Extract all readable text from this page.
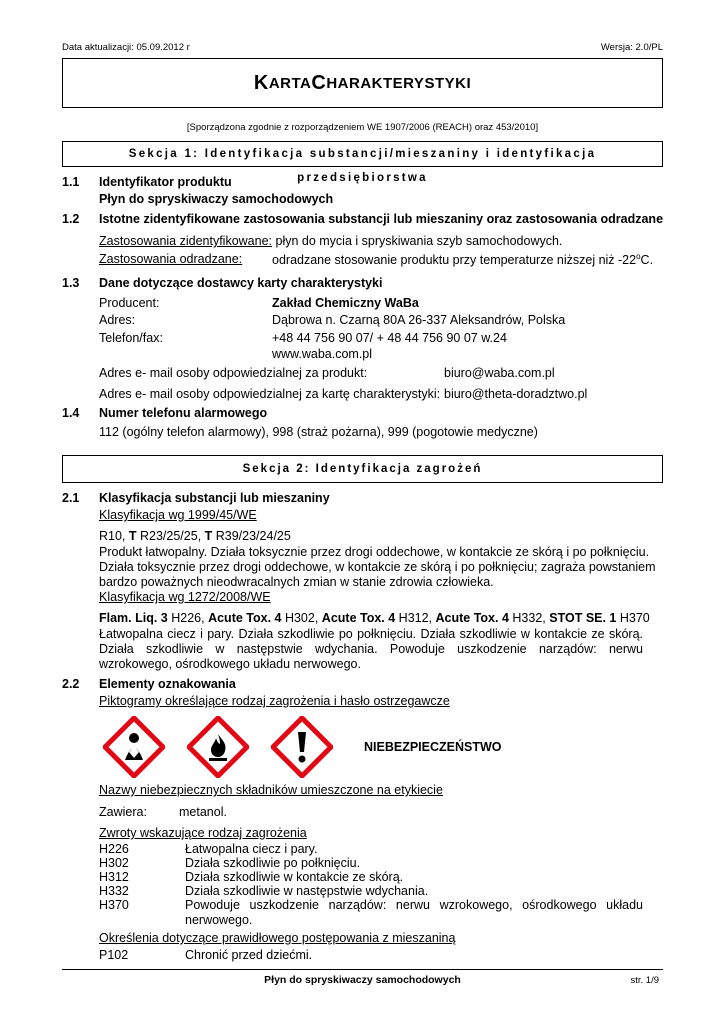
Data aktualizacji: 05.09.2012 r	Wersja: 2.0/PL
K ARTA C HARAKTERYSTYKI
[Sporządzona zgodnie z rozporządzeniem WE 1907/2006 (REACH) oraz 453/2010]
Sekcja 1: Identyfikacja substancji/mieszaniny i identyfikacja przedsiębiorstwa
1.1 Identyfikator produktu
Płyn do spryskiwaczy samochodowych
1.2 Istotne zidentyfikowane zastosowania substancji lub mieszaniny oraz zastosowania odradzane
Zastosowania zidentyfikowane: płyn do mycia i spryskiwania szyb samochodowych.
Zastosowania odradzane: odradzane stosowanie produktu przy temperaturze niższej niż -22$^o$C.
1.3 Dane dotyczące dostawcy karty charakterystyki
Producent:	Zakład Chemiczny WaBa
Adres:	Dąbrowa n. Czarną 80A 26-337 Aleksandrów, Polska
Telefon/fax:	+48 44 756 90 07/ + 48 44 756 90 07 w.24
www.waba.com.pl
Adres e- mail osoby odpowiedzialnej za produkt:	biuro@waba.com.pl
Adres e- mail osoby odpowiedzialnej za kartę charakterystyki: biuro@theta-doradztwo.pl
1.4 Numer telefonu alarmowego
112 (ogólny telefon alarmowy), 998 (straż pożarna), 999 (pogotowie medyczne)
Sekcja 2: Identyfikacja zagrożeń
2.1 Klasyfikacja substancji lub mieszaniny
Klasyfikacja wg 1999/45/WE
R10, T R23/25/25, T R39/23/24/25
Produkt łatwopalny. Działa toksycznie przez drogi oddechowe, w kontakcie ze skórą i po połknięciu. Działa toksycznie przez drogi oddechowe, w kontakcie ze skórą i po połknięciu; zagraża powstaniem bardzo poważnych nieodwracalnych zmian w stanie zdrowia człowieka.
Klasyfikacja wg 1272/2008/WE
Flam. Liq. 3 H226, Acute Tox. 4 H302, Acute Tox. 4 H312, Acute Tox. 4 H332, STOT SE. 1 H370
Łatwopalna ciecz i pary. Działa szkodliwie po połknięciu. Działa szkodliwie w kontakcie ze skórą. Działa szkodliwie w następstwie wdychania. Powoduje uszkodzenie narządów: nerwu wzrokowego, ośrodkowego układu nerwowego.
2.2 Elementy oznakowania
Piktogramy określające rodzaj zagrożenia i hasło ostrzegawcze
NIEBEZPIECZEŃSTWO
Nazwy niebezpiecznych składników umieszczone na etykiecie
Zawiera:	metanol.
Zwroty wskazujące rodzaj zagrożenia
H226	Łatwopalna ciecz i pary.
H302	Działa szkodliwie po połknięciu.
H312	Działa szkodliwie w kontakcie ze skórą.
H332	Działa szkodliwie w następstwie wdychania.
H370	Powoduje uszkodzenie narządów: nerwu wzrokowego, ośrodkowego układu nerwowego.
Określenia dotyczące prawidłowego postępowania z mieszaniną
P102	Chronić przed dziećmi.
Płyn do spryskiwaczy samochodowych	str. 1/9
